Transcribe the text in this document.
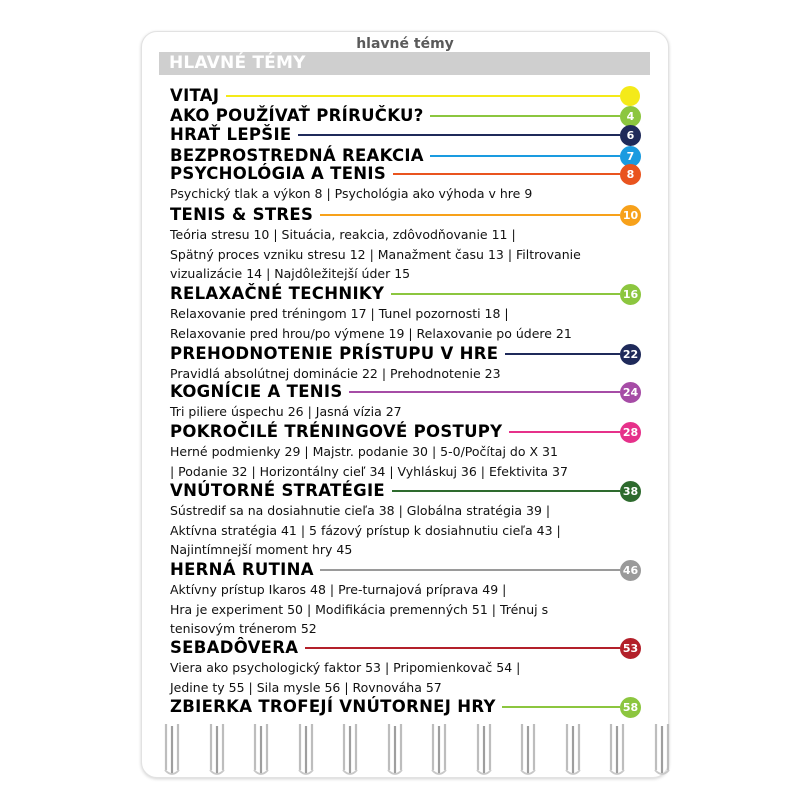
hlavné témy
HLAVNÉ TÉMY
VITAJ
AKO POUŽÍVAŤ PRÍRUČKU?	4
HRAŤ LEPŠIE	6
BEZPROSTREDNÁ REAKCIA	7
PSYCHOLÓGIA A TENIS	8
Psychický tlak a výkon 8 | Psychológia ako výhoda v hre 9
TENIS & STRES	10
Teória stresu 10 | Situácia, reakcia, zdôvodňovanie 11 |
Spätný proces vzniku stresu 12 | Manažment času 13 | Filtrovanie
vizualizácie 14 | Najdôležitejší úder 15
RELAXAČNÉ TECHNIKY	16
Relaxovanie pred tréningom 17 | Tunel pozornosti 18 |
Relaxovanie pred hrou/po výmene 19 | Relaxovanie po údere 21
PREHODNOTENIE PRÍSTUPU V HRE	22
Pravidlá absolútnej dominácie 22 | Prehodnotenie 23
KOGNÍCIE A TENIS	24
Tri piliere úspechu 26 | Jasná vízia 27
POKROČILÉ TRÉNINGOVÉ POSTUPY	28
Herné podmienky 29 | Majstr. podanie 30 | 5-0/Počítaj do X 31
| Podanie 32 | Horizontálny cieľ 34 | Vyhláskuj 36 | Efektivita 37
VNÚTORNÉ STRATÉGIE	38
Sústredif sa na dosiahnutie cieľa 38 | Globálna stratégia 39 |
Aktívna stratégia 41 | 5 fázový prístup k dosiahnutiu cieľa 43 |
Najintímnejší moment hry 45
HERNÁ RUTINA	46
Aktívny prístup Ikaros 48 | Pre-turnajová príprava 49 |
Hra je experiment 50 | Modifikácia premenných 51 | Trénuj s
tenisovým trénerom 52
SEBADÔVERA	53
Viera ako psychologický faktor 53 | Pripomienkovač 54 |
Jedine ty 55 | Sila mysle 56 | Rovnováha 57
ZBIERKA TROFEJÍ VNÚTORNEJ HRY	58
